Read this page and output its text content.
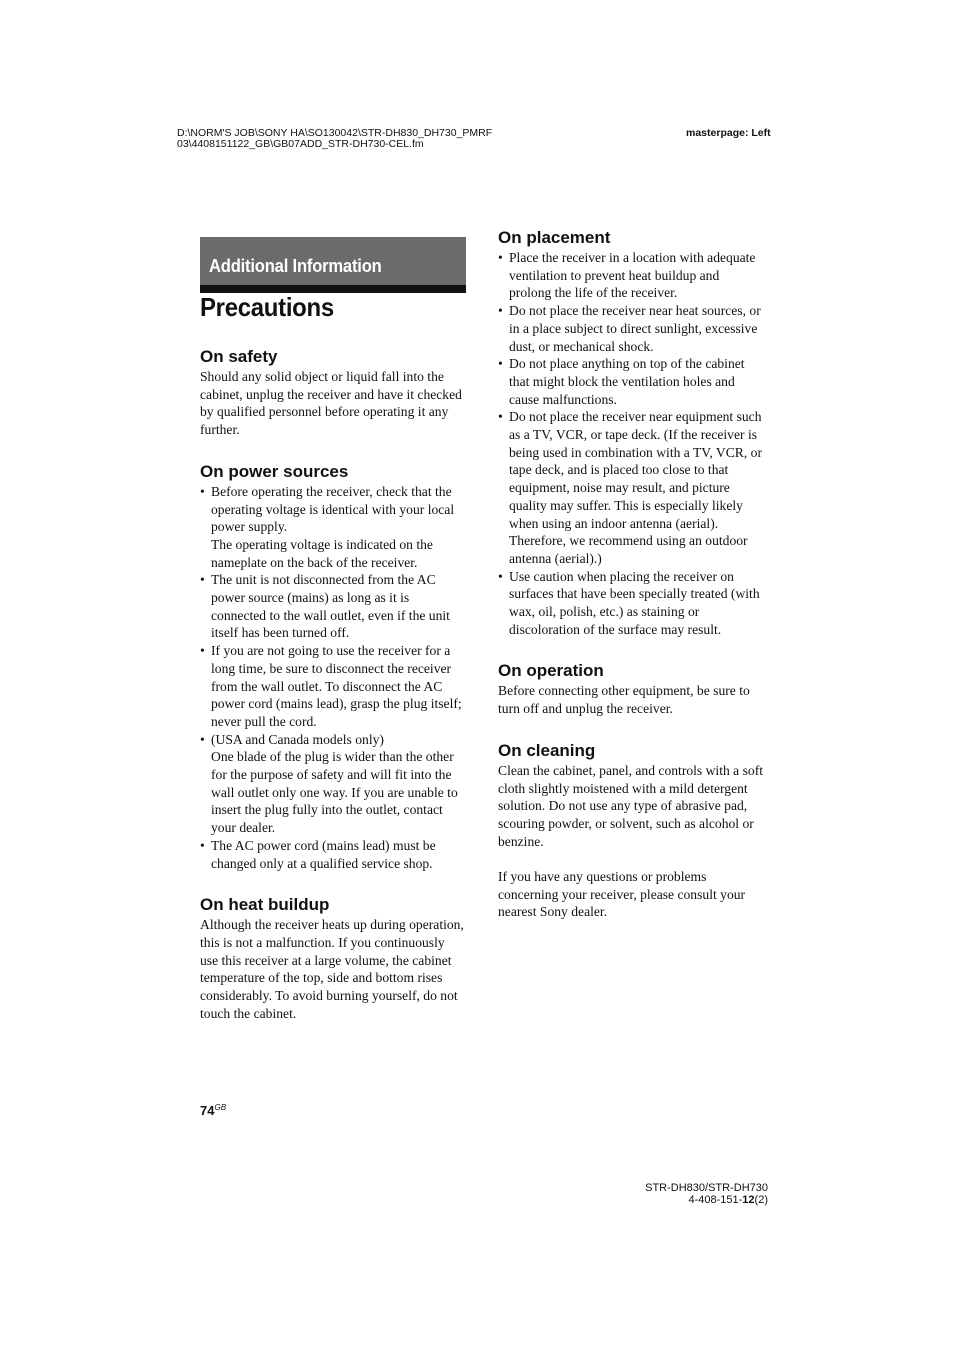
D:\NORM'S JOB\SONY HA\SO130042\STR-DH830_DH730_PMRF
03\4408151122_GB\GB07ADD_STR-DH730-CEL.fm
masterpage: Left
Additional Information
Precautions
On safety

Should any solid object or liquid fall into the cabinet, unplug the receiver and have it checked by qualified personnel before operating it any further.

On power sources
• Before operating the receiver, check that the operating voltage is identical with your local power supply.
The operating voltage is indicated on the nameplate on the back of the receiver.
• The unit is not disconnected from the AC power source (mains) as long as it is connected to the wall outlet, even if the unit itself has been turned off.
• If you are not going to use the receiver for a long time, be sure to disconnect the receiver from the wall outlet. To disconnect the AC power cord (mains lead), grasp the plug itself; never pull the cord.
• (USA and Canada models only)
One blade of the plug is wider than the other for the purpose of safety and will fit into the wall outlet only one way. If you are unable to insert the plug fully into the outlet, contact your dealer.
• The AC power cord (mains lead) must be changed only at a qualified service shop.
On heat buildup

Although the receiver heats up during operation, this is not a malfunction. If you continuously use this receiver at a large volume, the cabinet temperature of the top, side and bottom rises considerably. To avoid burning yourself, do not touch the cabinet.

On placement
• Place the receiver in a location with adequate ventilation to prevent heat buildup and prolong the life of the receiver.
• Do not place the receiver near heat sources, or in a place subject to direct sunlight, excessive dust, or mechanical shock.
• Do not place anything on top of the cabinet that might block the ventilation holes and cause malfunctions.
• Do not place the receiver near equipment such as a TV, VCR, or tape deck. (If the receiver is being used in combination with a TV, VCR, or tape deck, and is placed too close to that equipment, noise may result, and picture quality may suffer. This is especially likely when using an indoor antenna (aerial). Therefore, we recommend using an outdoor antenna (aerial).)
• Use caution when placing the receiver on surfaces that have been specially treated (with wax, oil, polish, etc.) as staining or discoloration of the surface may result.
On operation

Before connecting other equipment, be sure to turn off and unplug the receiver.

On cleaning

Clean the cabinet, panel, and controls with a soft cloth slightly moistened with a mild detergent solution. Do not use any type of abrasive pad, scouring powder, or solvent, such as alcohol or benzine.

If you have any questions or problems concerning your receiver, please consult your nearest Sony dealer.

$74^{GB}$
STR-DH830/STR-DH730
4-408-151-12(2)
